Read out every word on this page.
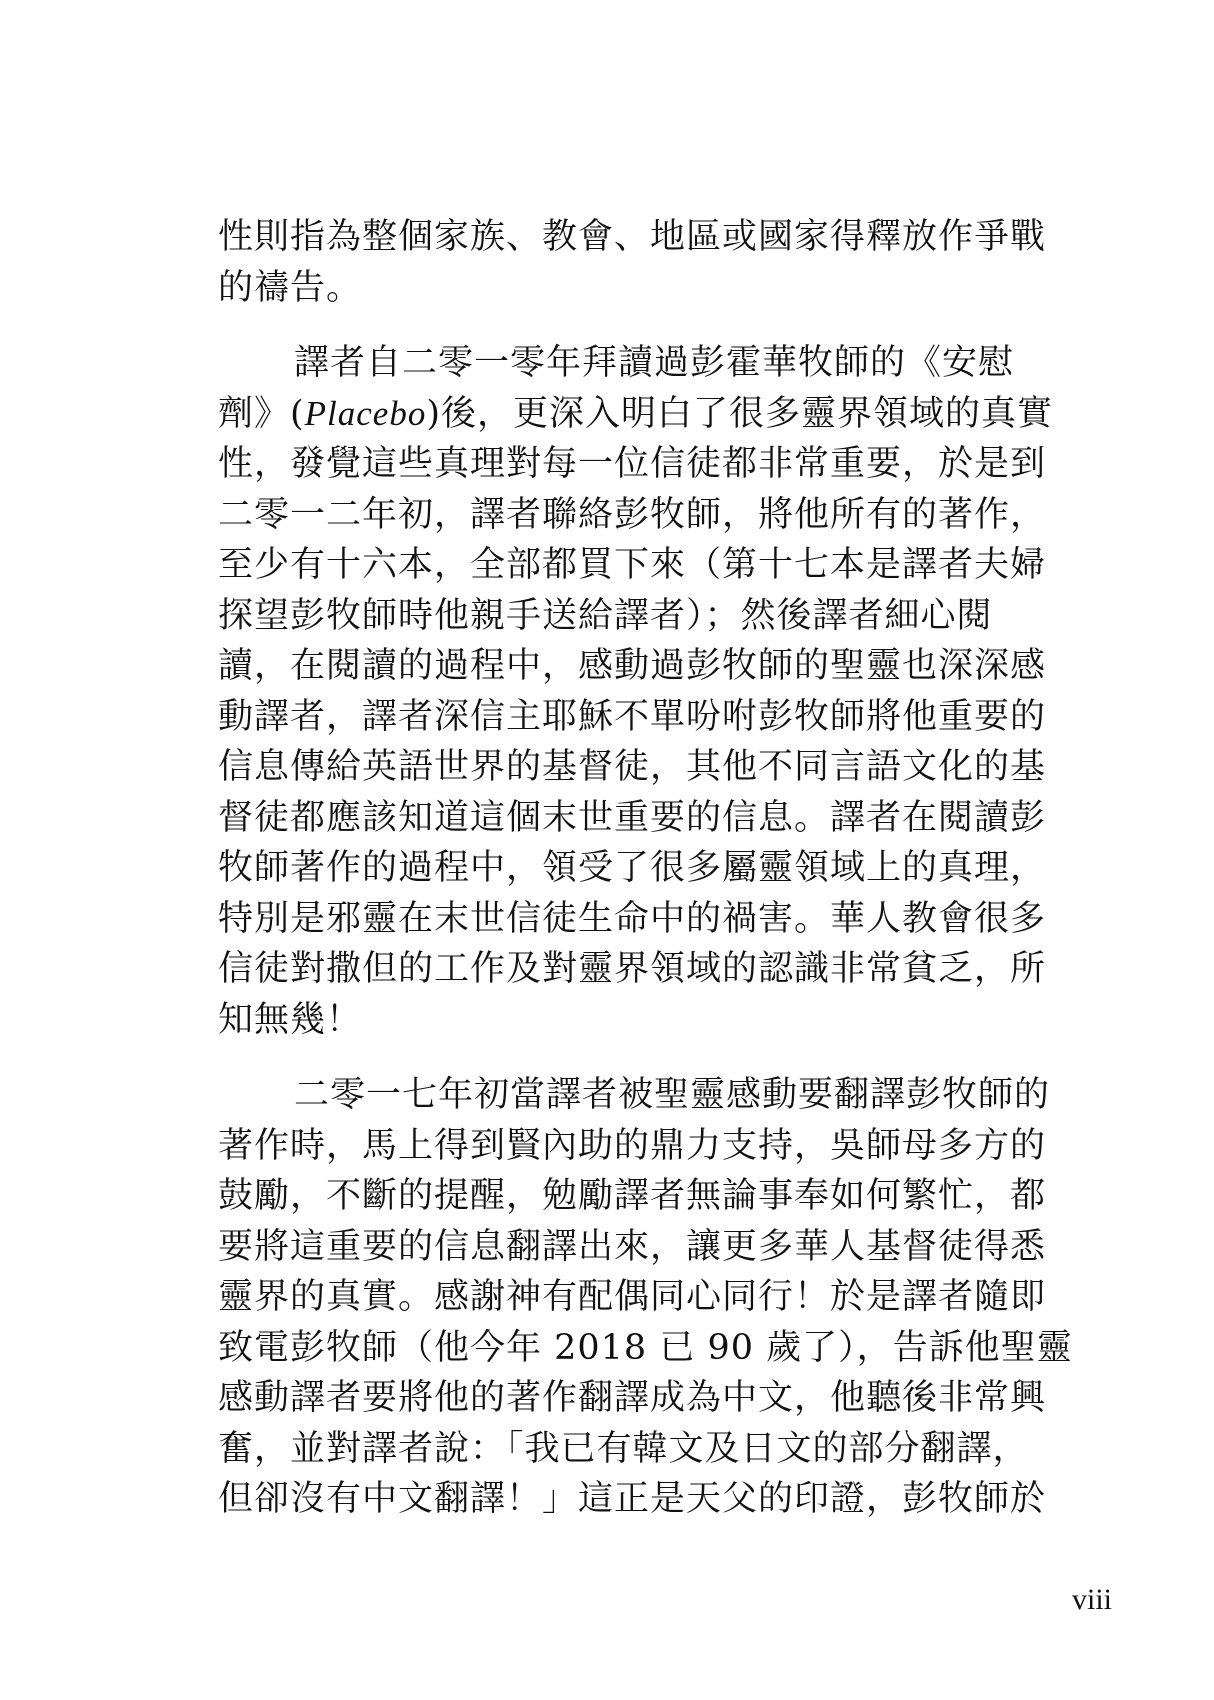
性則指為整個家族、教會、地區或國家得釋放作爭戰
的禱告。
譯者自二零一零年拜讀過彭霍華牧師的《安慰
劑》(Placebo)後，更深入明白了很多靈界領域的真實
性，發覺這些真理對每一位信徒都非常重要，於是到
二零一二年初，譯者聯絡彭牧師，將他所有的著作，
至少有十六本，全部都買下來（第十七本是譯者夫婦
探望彭牧師時他親手送給譯者）；然後譯者細心閱
讀，在閱讀的過程中，感動過彭牧師的聖靈也深深感
動譯者，譯者深信主耶穌不單吩咐彭牧師將他重要的
信息傳給英語世界的基督徒，其他不同言語文化的基
督徒都應該知道這個末世重要的信息。譯者在閱讀彭
牧師著作的過程中，領受了很多屬靈領域上的真理，
特別是邪靈在末世信徒生命中的禍害。華人教會很多
信徒對撒但的工作及對靈界領域的認識非常貧乏，所
知無幾！
二零一七年初當譯者被聖靈感動要翻譯彭牧師的
著作時，馬上得到賢內助的鼎力支持，吳師母多方的
鼓勵，不斷的提醒，勉勵譯者無論事奉如何繁忙，都
要將這重要的信息翻譯出來，讓更多華人基督徒得悉
靈界的真實。感謝神有配偶同心同行！於是譯者隨即
致電彭牧師（他今年 2018 已 90 歲了），告訴他聖靈
感動譯者要將他的著作翻譯成為中文，他聽後非常興
奮，並對譯者說：「我已有韓文及日文的部分翻譯，
但卻沒有中文翻譯！」這正是天父的印證，彭牧師於
viii
